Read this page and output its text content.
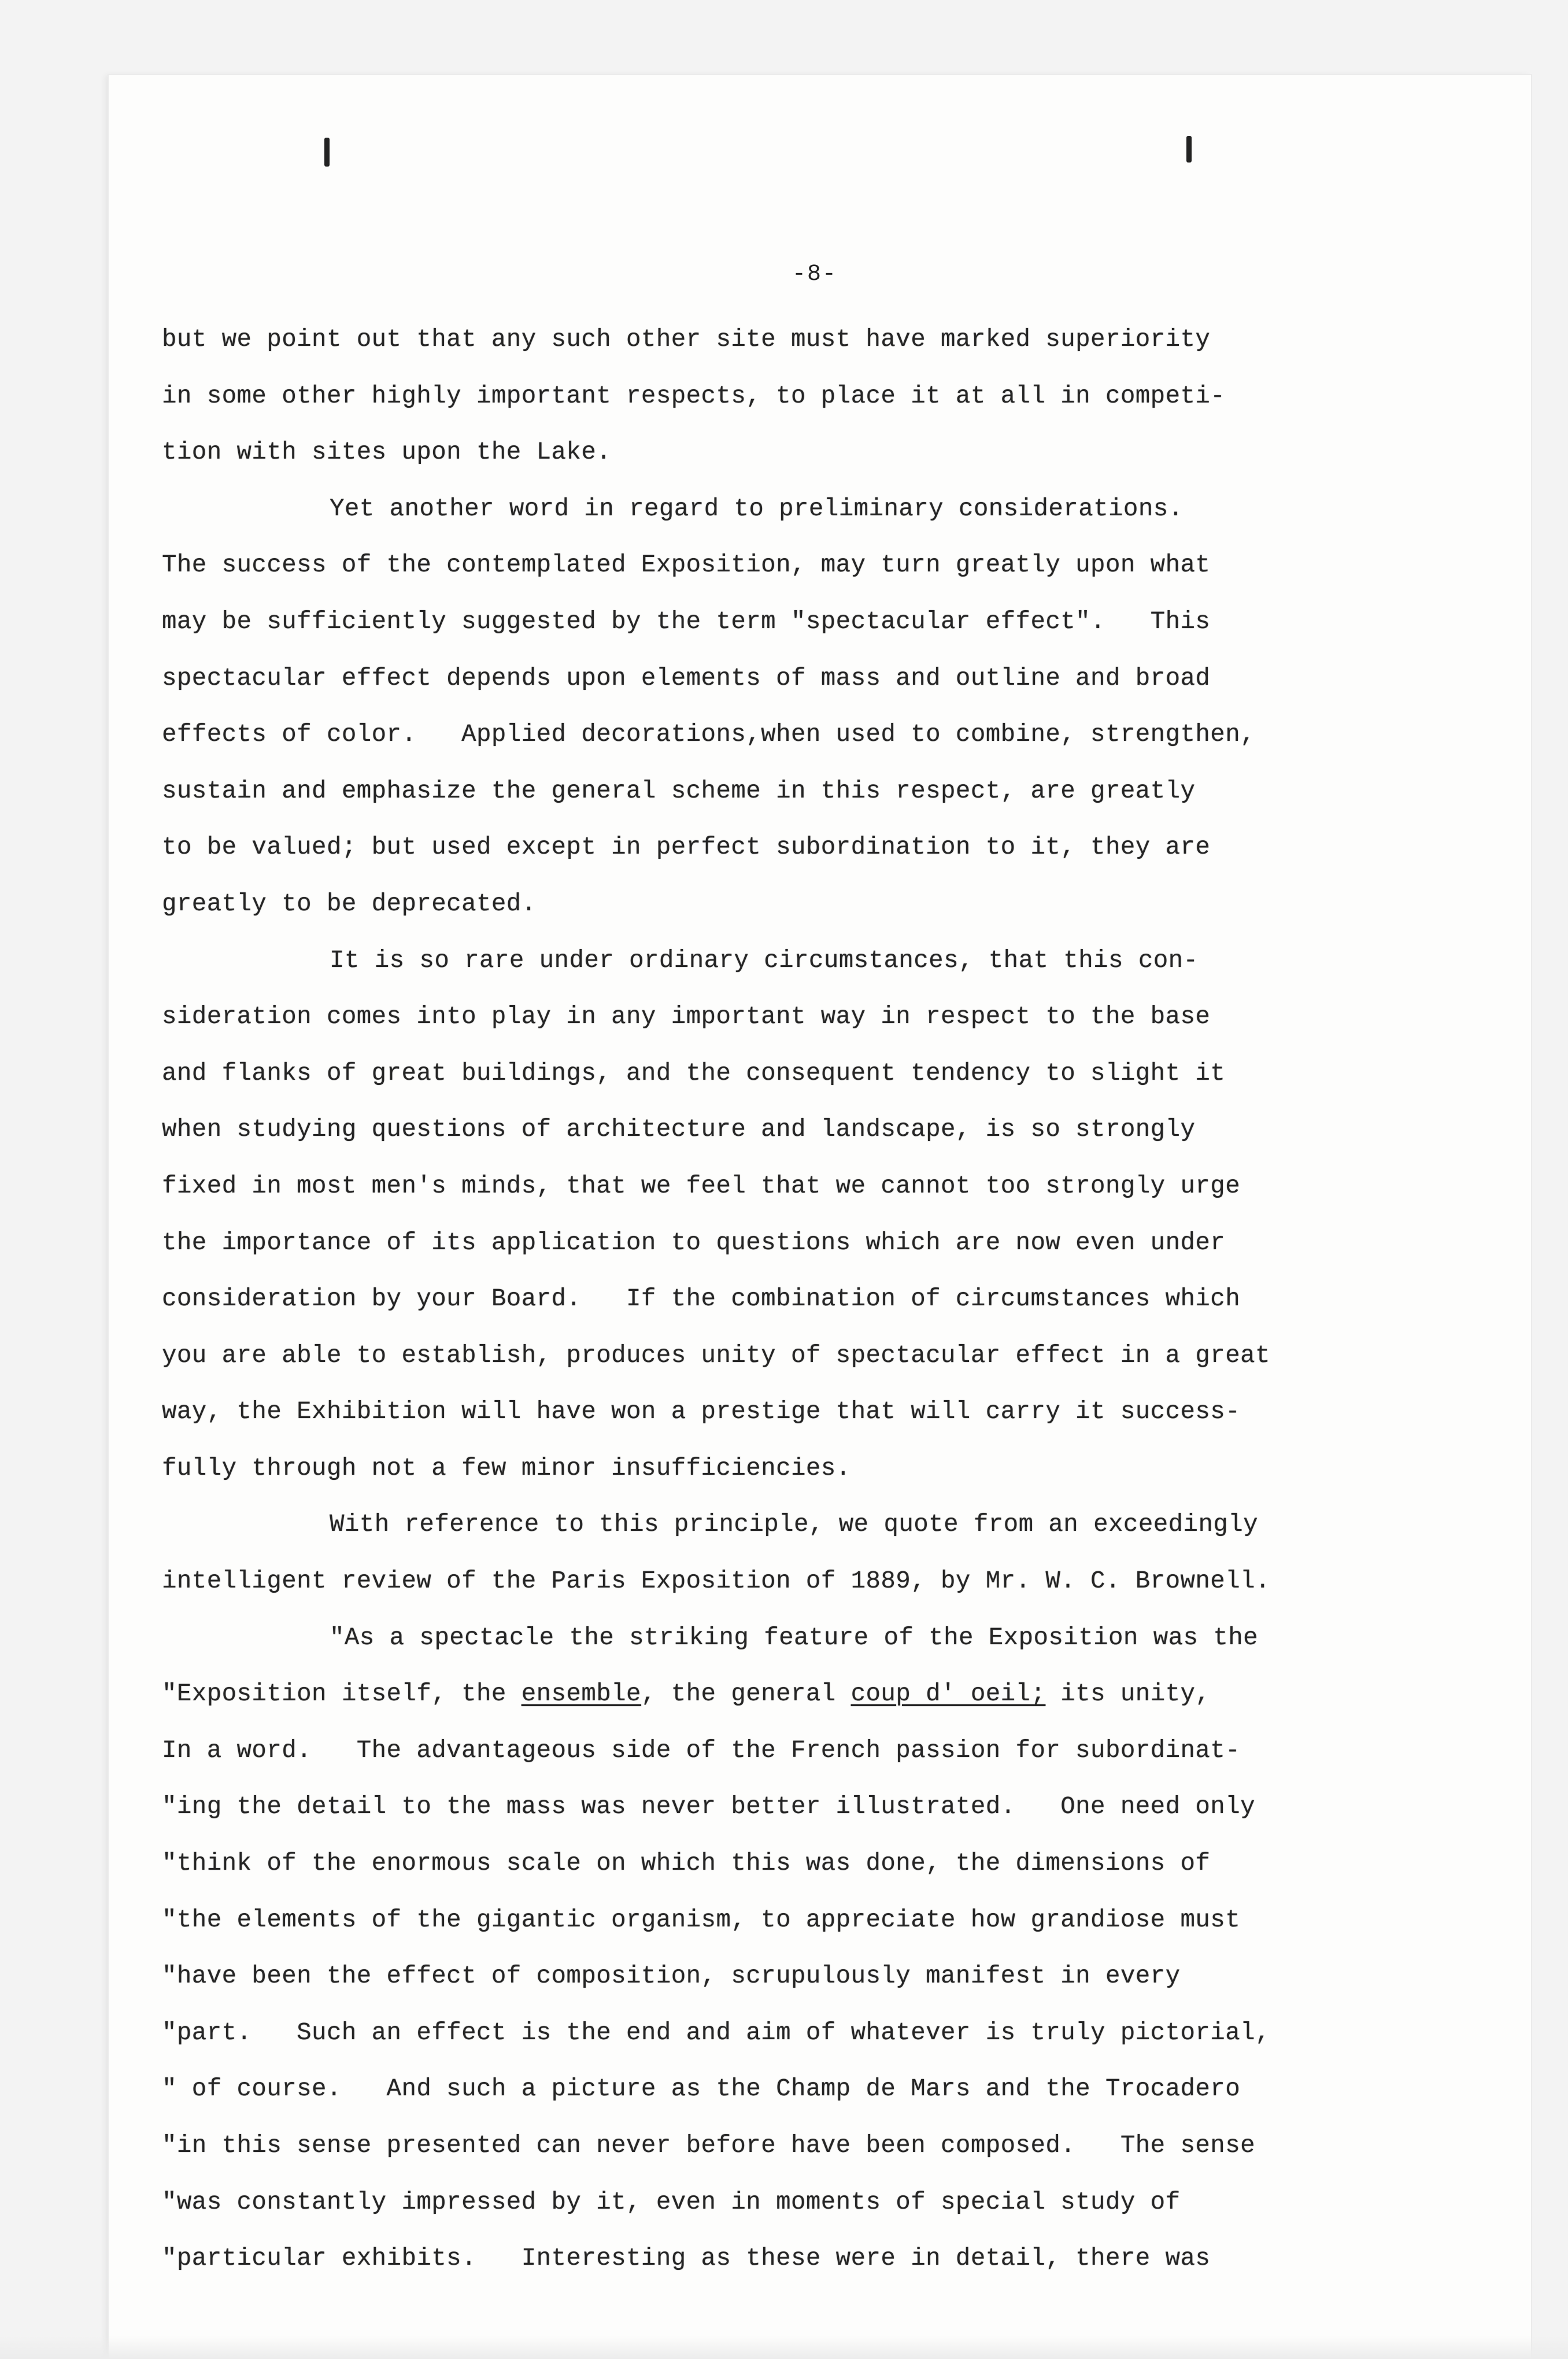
-8-
but we point out that any such other site must have marked superiority
in some other highly important respects, to place it at all in competi-
tion with sites upon the Lake.
Yet another word in regard to preliminary considerations.
The success of the contemplated Exposition, may turn greatly upon what
may be sufficiently suggested by the term "spectacular effect".   This
spectacular effect depends upon elements of mass and outline and broad
effects of color.   Applied decorations,when used to combine, strengthen,
sustain and emphasize the general scheme in this respect, are greatly
to be valued; but used except in perfect subordination to it, they are
greatly to be deprecated.
It is so rare under ordinary circumstances, that this con-
sideration comes into play in any important way in respect to the base
and flanks of great buildings, and the consequent tendency to slight it
when studying questions of architecture and landscape, is so strongly
fixed in most men's minds, that we feel that we cannot too strongly urge
the importance of its application to questions which are now even under
consideration by your Board.   If the combination of circumstances which
you are able to establish, produces unity of spectacular effect in a great
way, the Exhibition will have won a prestige that will carry it success-
fully through not a few minor insufficiencies.
With reference to this principle, we quote from an exceedingly
intelligent review of the Paris Exposition of 1889, by Mr. W. C. Brownell.
"As a spectacle the striking feature of the Exposition was the
"Exposition itself, the ensemble, the general coup d' oeil; its unity,
In a word.   The advantageous side of the French passion for subordinat-
"ing the detail to the mass was never better illustrated.   One need only
"think of the enormous scale on which this was done, the dimensions of
"the elements of the gigantic organism, to appreciate how grandiose must
"have been the effect of composition, scrupulously manifest in every
"part.   Such an effect is the end and aim of whatever is truly pictorial,
" of course.   And such a picture as the Champ de Mars and the Trocadero
"in this sense presented can never before have been composed.   The sense
"was constantly impressed by it, even in moments of special study of
"particular exhibits.   Interesting as these were in detail, there was
